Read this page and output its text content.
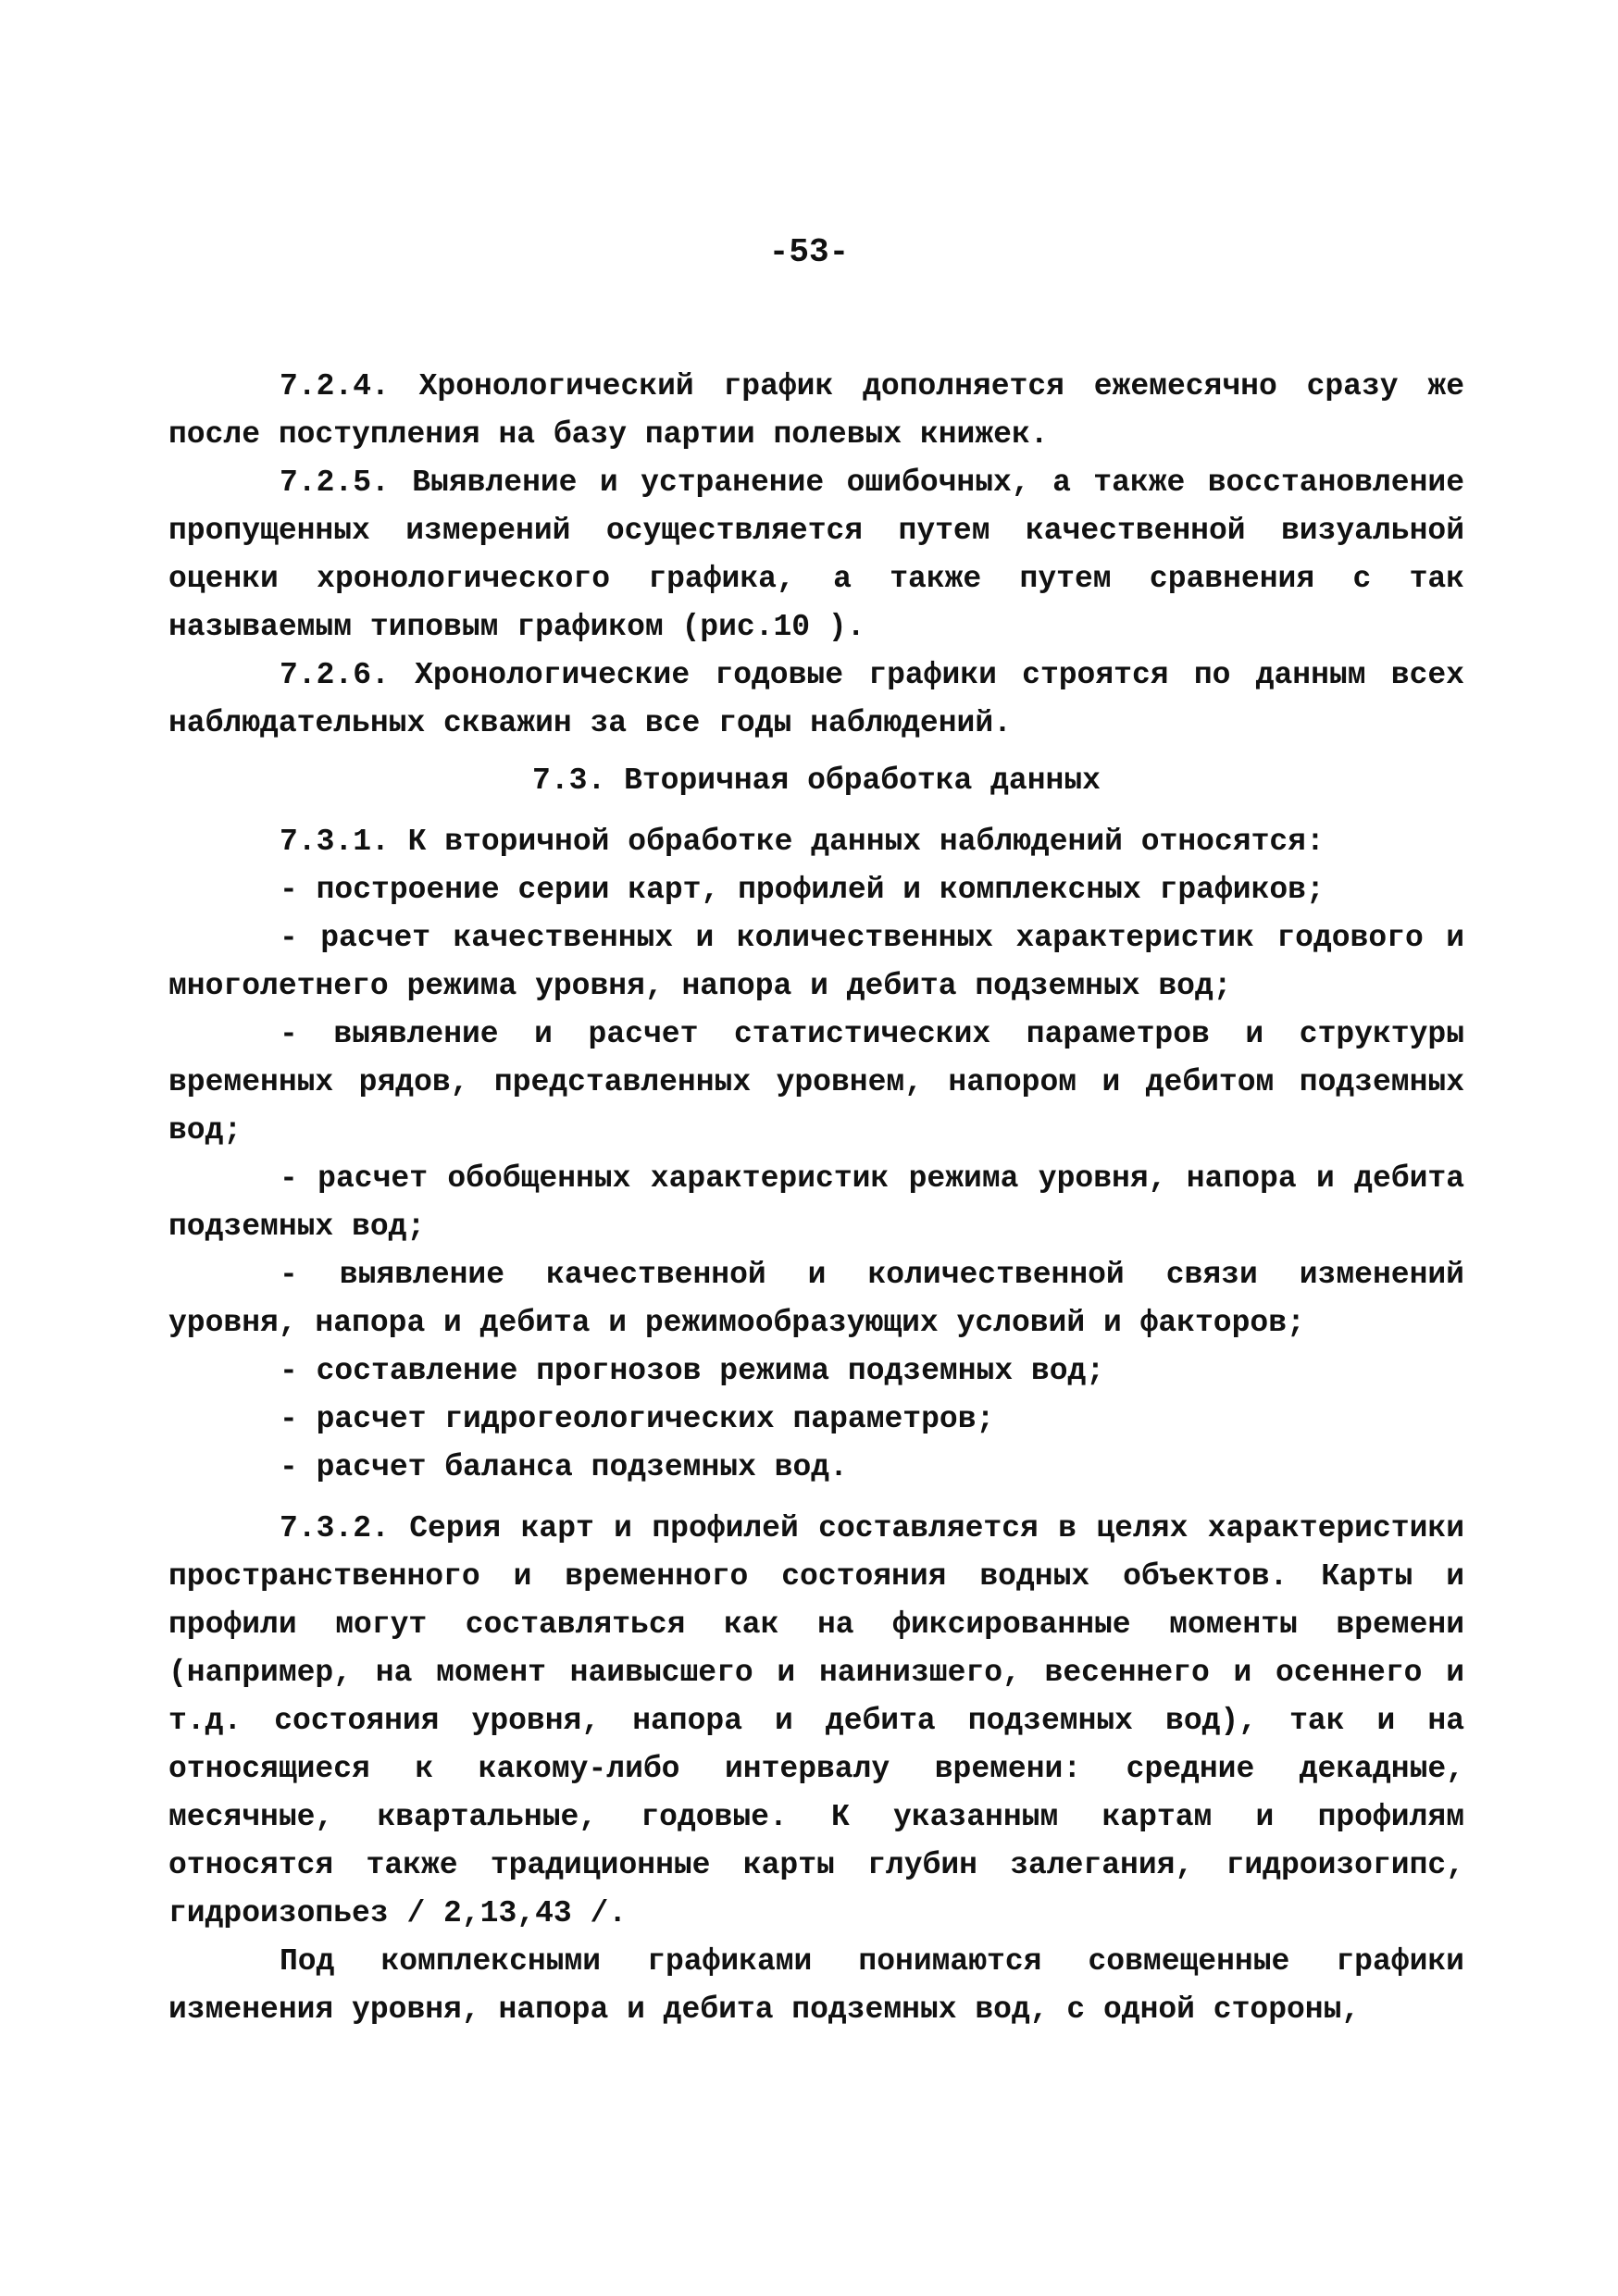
-53-

7.2.4. Хронологический график дополняется ежемесячно сразу же после поступления на базу партии полевых книжек.

7.2.5. Выявление и устранение ошибочных, а также восстановление пропущенных измерений осуществляется путем качественной визуальной оценки хронологического графика, а также путем сравнения с так называемым типовым графиком (рис.10 ).

7.2.6. Хронологические годовые графики строятся по данным всех наблюдательных скважин за все годы наблюдений.

7.3. Вторичная обработка данных

7.3.1. К вторичной обработке данных наблюдений относятся:

- построение серии карт, профилей и комплексных графиков;
- расчет качественных и количественных характеристик годового и многолетнего режима уровня, напора и дебита подземных вод;
- выявление и расчет статистических параметров и структуры временных рядов, представленных уровнем, напором и дебитом подземных вод;
- расчет обобщенных характеристик режима уровня, напора и дебита подземных вод;
- выявление качественной и количественной связи изменений уровня, напора и дебита и режимообразующих условий и факторов;
- составление прогнозов режима подземных вод;
- расчет гидрогеологических параметров;
- расчет баланса подземных вод.

7.3.2. Серия карт и профилей составляется в целях характеристики пространственного и временного состояния водных объектов. Карты и профили могут составляться как на фиксированные моменты времени (например, на момент наивысшего и наинизшего, весеннего и осеннего и т.д. состояния уровня, напора и дебита подземных вод), так и на относящиеся к какому-либо интервалу времени: средние декадные, месячные, квартальные, годовые. К указанным картам и профилям относятся также традиционные карты глубин залегания, гидроизогипс, гидроизопьез / 2,13,43 /.

Под комплексными графиками понимаются совмещенные графики изменения уровня, напора и дебита подземных вод, с одной стороны,
